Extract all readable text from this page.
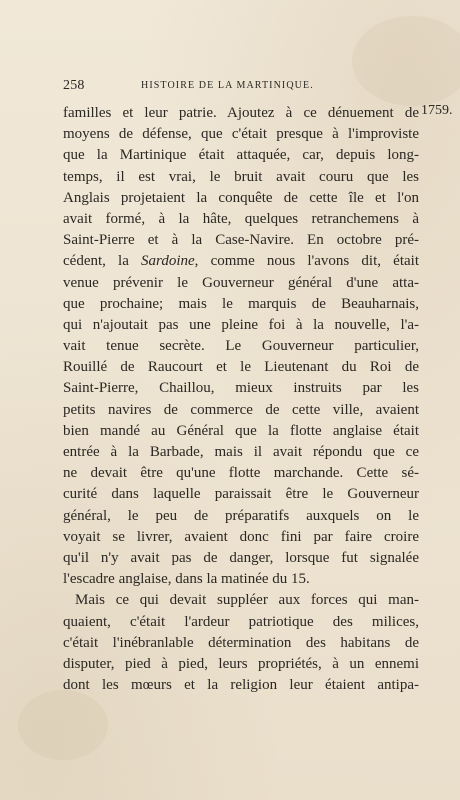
258	HISTOIRE DE LA MARTINIQUE.
1759.
familles et leur patrie. Ajoutez à ce dénuement de
moyens de défense, que c'était presque à l'improviste
que la Martinique était attaquée, car, depuis long-
temps, il est vrai, le bruit avait couru que les
Anglais projetaient la conquête de cette île et l'on
avait formé, à la hâte, quelques retranchemens à
Saint-Pierre et à la Case-Navire. En octobre pré-
cédent, la Sardoine, comme nous l'avons dit, était
venue prévenir le Gouverneur général d'une atta-
que prochaine; mais le marquis de Beauharnais,
qui n'ajoutait pas une pleine foi à la nouvelle, l'a-
vait tenue secrète. Le Gouverneur particulier,
Rouillé de Raucourt et le Lieutenant du Roi de
Saint-Pierre, Chaillou, mieux instruits par les
petits navires de commerce de cette ville, avaient
bien mandé au Général que la flotte anglaise était
entrée à la Barbade, mais il avait répondu que ce
ne devait être qu'une flotte marchande. Cette sé-
curité dans laquelle paraissait être le Gouverneur
général, le peu de préparatifs auxquels on le
voyait se livrer, avaient donc fini par faire croire
qu'il n'y avait pas de danger, lorsque fut signalée
l'escadre anglaise, dans la matinée du 15.
Mais ce qui devait suppléer aux forces qui man-
quaient, c'était l'ardeur patriotique des milices,
c'était l'inébranlable détermination des habitans de
disputer, pied à pied, leurs propriétés, à un ennemi
dont les mœurs et la religion leur étaient antipa-
